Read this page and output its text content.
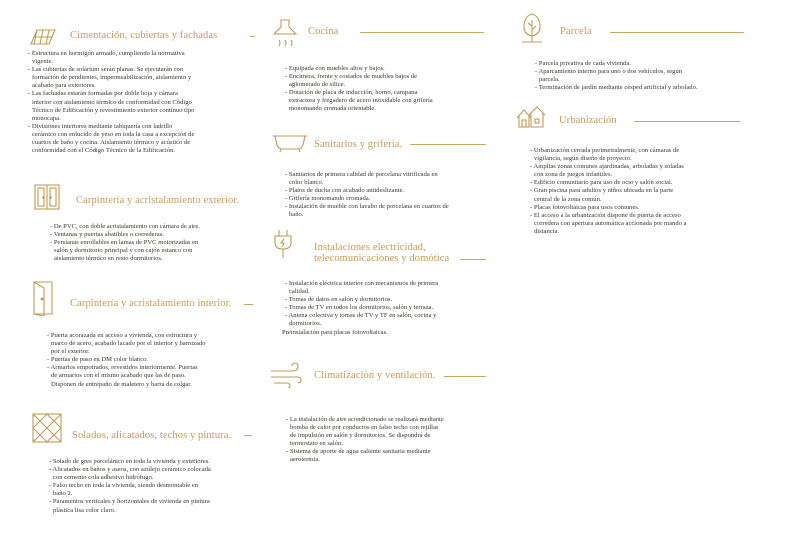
Cimentación, cubiertas y fachadas
- Estructura en hormigón armado, cumpliendo la normativa
vigente.
- Las cubiertas de solárium serán planas. Se ejecutarán con
formación de pendientes, impermeabilización, aislamiento y
acabado para exteriores.
- Las fachadas estarán formadas por doble hoja y cámara
interior con aislamiento térmico de conformidad con Código
Técnico de Edificación y revestimiento exterior continuo tipo
monocapa.
- Divisiones interiores mediante tabiquería con ladrillo
cerámico con enlucido de yeso en toda la casa a excepción de
cuartos de baño y cocina. Aislamiento térmico y acústico de
conformidad con el Código Técnico de la Edificación.
Carpintería y acristalamiento exterior.
- De PVC, con doble acristalamiento con cámara de aire.
- Ventanas y puertas abatibles o correderas.
- Persianas enrollables en lamas de PVC motorizadas en
salón y dormitorio principal y con cajón estanco con
aislamiento térmico en resto dormitorios.
Carpintería y acristalamiento interior.
- Puerta acorazada en acceso a vivienda, con estructura y
marco de acero, acabado lacado por el interior y barnizado
por el exterior.
- Puertas de paso en DM color blanco.
- Armarios empotrados, revestidos interiormente. Puertas
de armarios con el mismo acabado que las de paso.
Disponen de entrepaño de maletero y barra de colgar.
Solados, alicatados, techos y pintura.
- Solado de gres porcelánico en toda la vivienda y exteriores.
- Alicatados en baños y aseos, con azulejo cerámico colocada
con cemento cola adhesivo hidrófugo.
- Falso techo en toda la vivienda, siendo desmontable en
baño 2.
- Paramentos verticales y horizontales de vivienda en pintura
plástica lisa color claro.
Cocina
- Equipada con muebles altos y bajos.
- Encimera, frente y costados de muebles bajos de
aglomerado de silice.
- Dotación de placa de inducción, horno, campana
extractora y fregadero de acero inoxidable con grifería
monomando cromada orientable.
Sanitarios y grifería.
- Sanitarios de primera calidad de porcelana vitrificada en
color blanco.
- Platos de ducha con acabado antideslizante.
- Grifería monomando cromada.
- Instalación de mueble con lavabo de porcelana en cuartos de
baño.
Instalaciones electricidad,
telecomunicaciones y domótica
- Instalación eléctrica interior con mecanismos de primera
calidad.
- Tomas de datos en salón y dormitorios.
- Tomas de TV en todos los dormitorios, salón y terraza.
- Antena colectiva y tomas de TV y TF en salón, cocina y
dormitorios.
Preinstalación para placas fotovoltaicas.
Climatización y ventilación.
- La instalación de aire acondicionado se realizará mediante
bomba de calor por conductos en falso techo con rejillas
de impulsión en salón y dormitorios. Se dispondrá de
termostato en salón.
- Sistema de aporte de agua caliente sanitaria mediante
aerotermia.
Parcela
- Parcela privativa de cada vivienda.
- Aparcamiento interno para uno o dos vehículos, según
parcela.
- Terminación de jardín mediante césped artificial y arbolado.
Urbanización
- Urbanización cerrada perimetralmente, con cámaras de
vigilancia, según diseño de proyecto.
- Amplias zonas comunes ajardinadas, arboladas y soladas
con zona de juegos infantiles.
- Edificio comunitario para uso de ocio y salón social.
- Gran piscina para adultos y niños ubicada en la parte
central de la zona común.
- Placas fotovoltaicas para usos comunes.
- El acceso a la urbanización dispone de puerta de acceso
corredera con apertura automática accionada por mando a
distancia.
